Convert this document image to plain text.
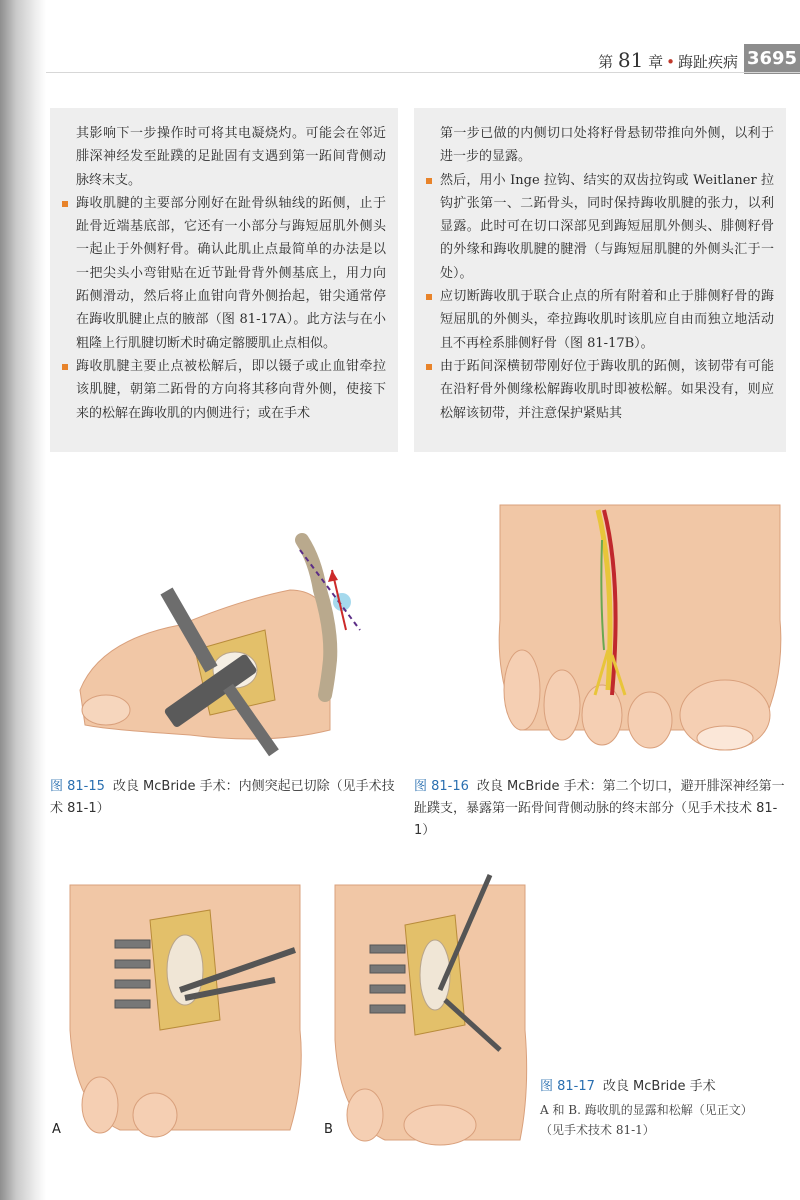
第 81 章 • 踇趾疾病 3695

其影响下一步操作时可将其电凝烧灼。可能会在邻近腓深神经发至趾蹼的足趾固有支遇到第一跖间背侧动脉终末支。

踇收肌腱的主要部分刚好在趾骨纵轴线的跖侧，止于趾骨近端基底部，它还有一小部分与踇短屈肌外侧头一起止于外侧籽骨。确认此肌止点最简单的办法是以一把尖头小弯钳贴在近节趾骨背外侧基底上，用力向跖侧滑动，然后将止血钳向背外侧抬起，钳尖通常停在踇收肌腱止点的腋部（图 81-17A）。此方法与在小粗隆上行肌腱切断术时确定髂腰肌止点相似。

踇收肌腱主要止点被松解后，即以镊子或止血钳牵拉该肌腱，朝第二跖骨的方向将其移向背外侧，使接下来的松解在踇收肌的内侧进行；或在手术

第一步已做的内侧切口处将籽骨悬韧带推向外侧，以利于进一步的显露。

然后，用小 Inge 拉钩、结实的双齿拉钩或 Weitlaner 拉钩扩张第一、二跖骨头，同时保持踇收肌腱的张力，以利显露。此时可在切口深部见到踇短屈肌外侧头、腓侧籽骨的外缘和踇收肌腱的腱滑（与踇短屈肌腱的外侧头汇于一处）。

应切断踇收肌于联合止点的所有附着和止于腓侧籽骨的踇短屈肌的外侧头，牵拉踇收肌时该肌应自由而独立地活动且不再栓系腓侧籽骨（图 81-17B）。

由于跖间深横韧带刚好位于踇收肌的跖侧，该韧带有可能在沿籽骨外侧缘松解踇收肌时即被松解。如果没有，则应松解该韧带，并注意保护紧贴其

图 81-15 改良 McBride 手术：内侧突起已切除（见手术技术 81-1）
图 81-16 改良 McBride 手术：第二个切口，避开腓深神经第一趾蹼支，暴露第一跖骨间背侧动脉的终末部分（见手术技术 81-1）
A	B
图 81-17 改良 McBride 手术
A 和 B. 踇收肌的显露和松解（见正文）（见手术技术 81-1）
